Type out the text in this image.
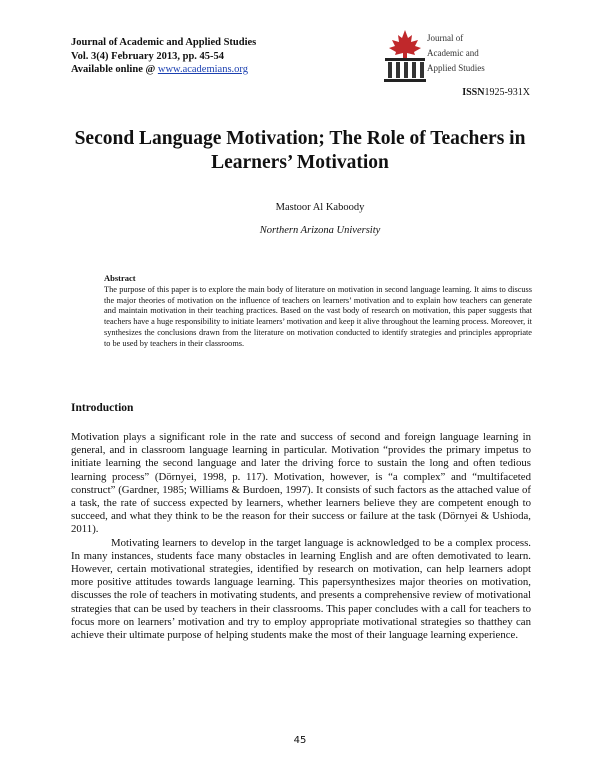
Journal of Academic and Applied Studies
Vol. 3(4) February 2013, pp. 45-54
Available online @ www.academians.org
Journal of
Academic and
Applied Studies
ISSN1925-931X
Second Language Motivation; The Role of Teachers in Learners’ Motivation
Mastoor Al Kaboody
Northern Arizona University
Abstract

The purpose of this paper is to explore the main body of literature on motivation in second language learning. It aims to discuss the major theories of motivation on the influence of teachers on learners’ motivation and to explain how teachers can generate and maintain motivation in their teaching practices. Based on the vast body of research on motivation, this paper suggests that teachers have a huge responsibility to initiate learners’ motivation and keep it alive throughout the learning process. Moreover, it synthesizes the conclusions drawn from the literature on motivation conducted to identify strategies and principles appropriate to be used by teachers in their classrooms.

Introduction

Motivation plays a significant role in the rate and success of second and foreign language learning in general, and in classroom language learning in particular. Motivation “provides the primary impetus to initiate learning the second language and later the driving force to sustain the long and often tedious learning process” (Dörnyei, 1998, p. 117). Motivation, however, is “a complex” and “multifaceted construct” (Gardner, 1985; Williams & Burdoen, 1997). It consists of such factors as the attached value of a task, the rate of success expected by learners, whether learners believe they are competent enough to succeed, and what they think to be the reason for their success or failure at the task (Dörnyei & Ushioda, 2011).

Motivating learners to develop in the target language is acknowledged to be a complex process. In many instances, students face many obstacles in learning English and are often demotivated to learn. However, certain motivational strategies, identified by research on motivation, can help learners adopt more positive attitudes towards language learning. This papersynthesizes major theories on motivation, discusses the role of teachers in motivating students, and presents a comprehensive review of motivational strategies that can be used by teachers in their classrooms. This paper concludes with a call for teachers to focus more on learners’ motivation and try to employ appropriate motivational strategies so thatthey can achieve their ultimate purpose of helping students make the most of their language learning experience.

45
